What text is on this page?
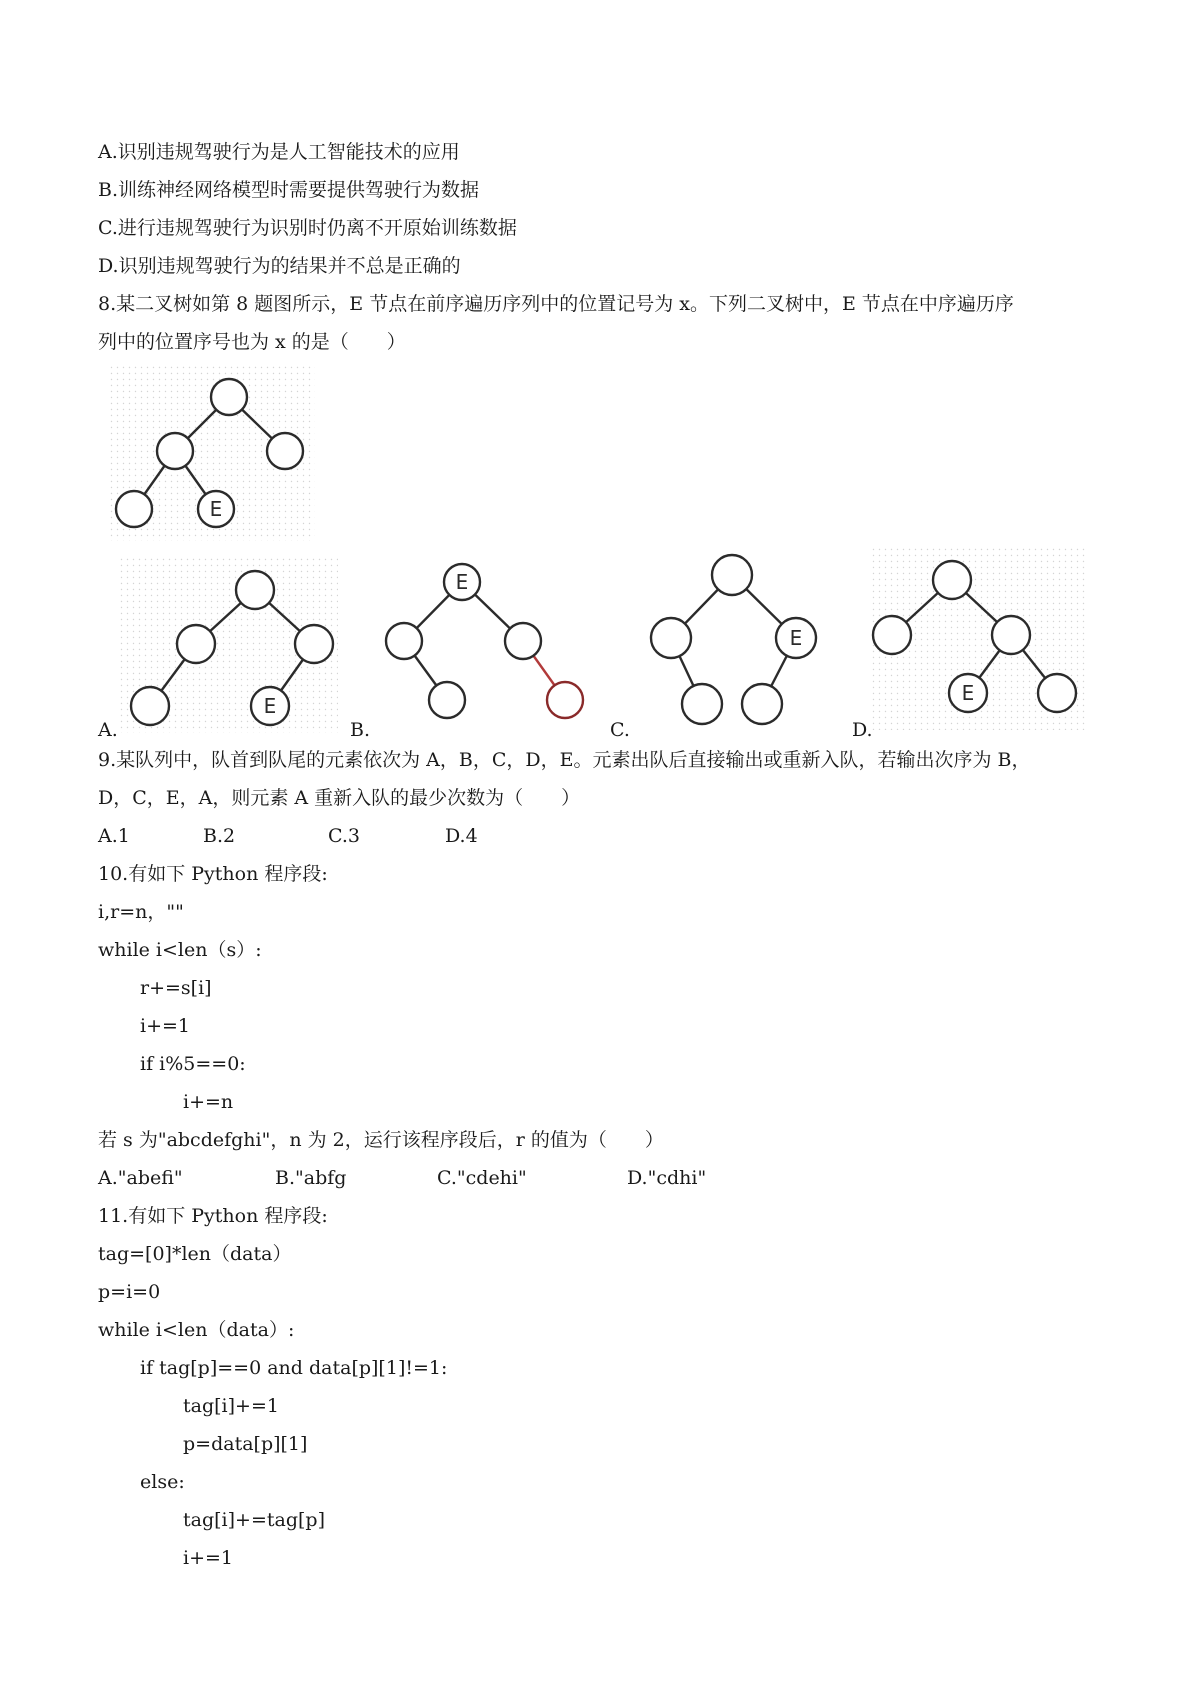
A.识别违规驾驶行为是人工智能技术的应用
B.训练神经网络模型时需要提供驾驶行为数据
C.进行违规驾驶行为识别时仍离不开原始训练数据
D.识别违规驾驶行为的结果并不总是正确的
8.某二叉树如第 8 题图所示，E 节点在前序遍历序列中的位置记号为 x。下列二叉树中，E 节点在中序遍历序
列中的位置序号也为 x 的是（　　）
E
E
A.
E
B.
E
C.
E
D.
9.某队列中，队首到队尾的元素依次为 A，B，C，D，E。元素出队后直接输出或重新入队，若输出次序为 B，
D，C，E，A，则元素 A 重新入队的最少次数为（　　）
A.1	B.2	C.3	D.4
10.有如下 Python 程序段:
i,r=n，""
while i<len（s）:
r+=s[i]
i+=1
if i%5==0:
i+=n
若 s 为"abcdefghi"，n 为 2，运行该程序段后，r 的值为（　　）
A."abefi"	B."abfg	C."cdehi"	D."cdhi"
11.有如下 Python 程序段:
tag=[0]*len（data）
p=i=0
while i<len（data）:
if tag[p]==0 and data[p][1]!=1:
tag[i]+=1
p=data[p][1]
else:
tag[i]+=tag[p]
i+=1
